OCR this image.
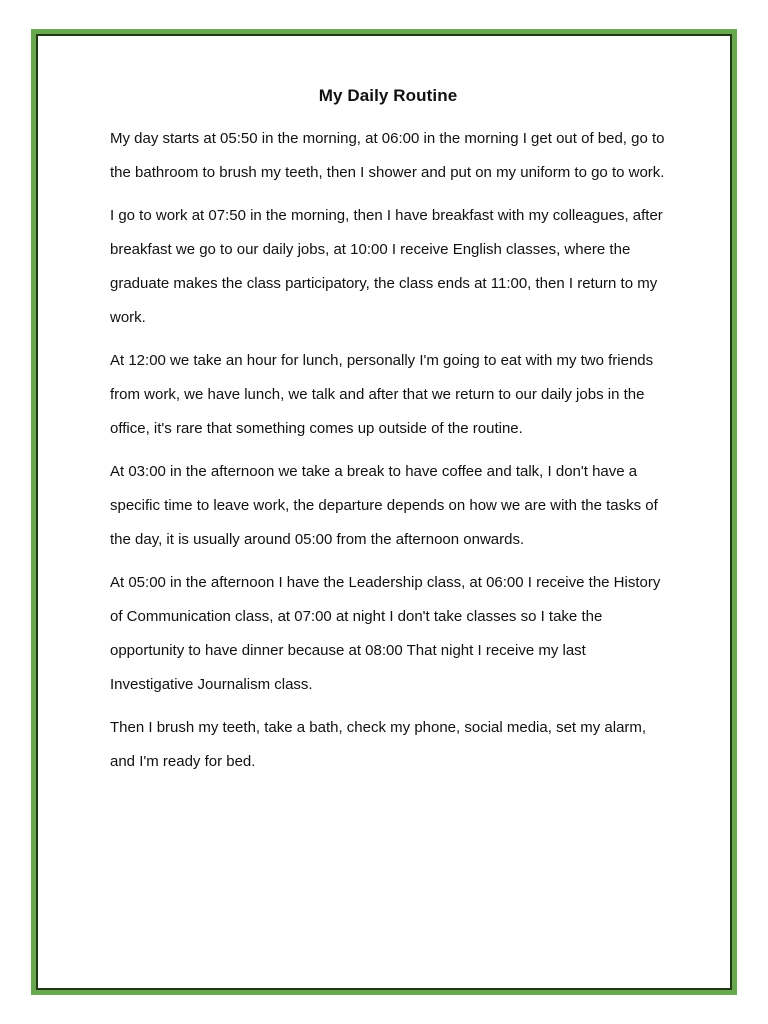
My Daily Routine

My day starts at 05:50 in the morning, at 06:00 in the morning I get out of bed, go to the bathroom to brush my teeth, then I shower and put on my uniform to go to work.

I go to work at 07:50 in the morning, then I have breakfast with my colleagues, after breakfast we go to our daily jobs, at 10:00 I receive English classes, where the graduate makes the class participatory, the class ends at 11:00, then I return to my work.

At 12:00 we take an hour for lunch, personally I'm going to eat with my two friends from work, we have lunch, we talk and after that we return to our daily jobs in the office, it's rare that something comes up outside of the routine.

At 03:00 in the afternoon we take a break to have coffee and talk, I don't have a specific time to leave work, the departure depends on how we are with the tasks of the day, it is usually around 05:00 from the afternoon onwards.

At 05:00 in the afternoon I have the Leadership class, at 06:00 I receive the History of Communication class, at 07:00 at night I don't take classes so I take the opportunity to have dinner because at 08:00 That night I receive my last Investigative Journalism class.

Then I brush my teeth, take a bath, check my phone, social media, set my alarm, and I'm ready for bed.
